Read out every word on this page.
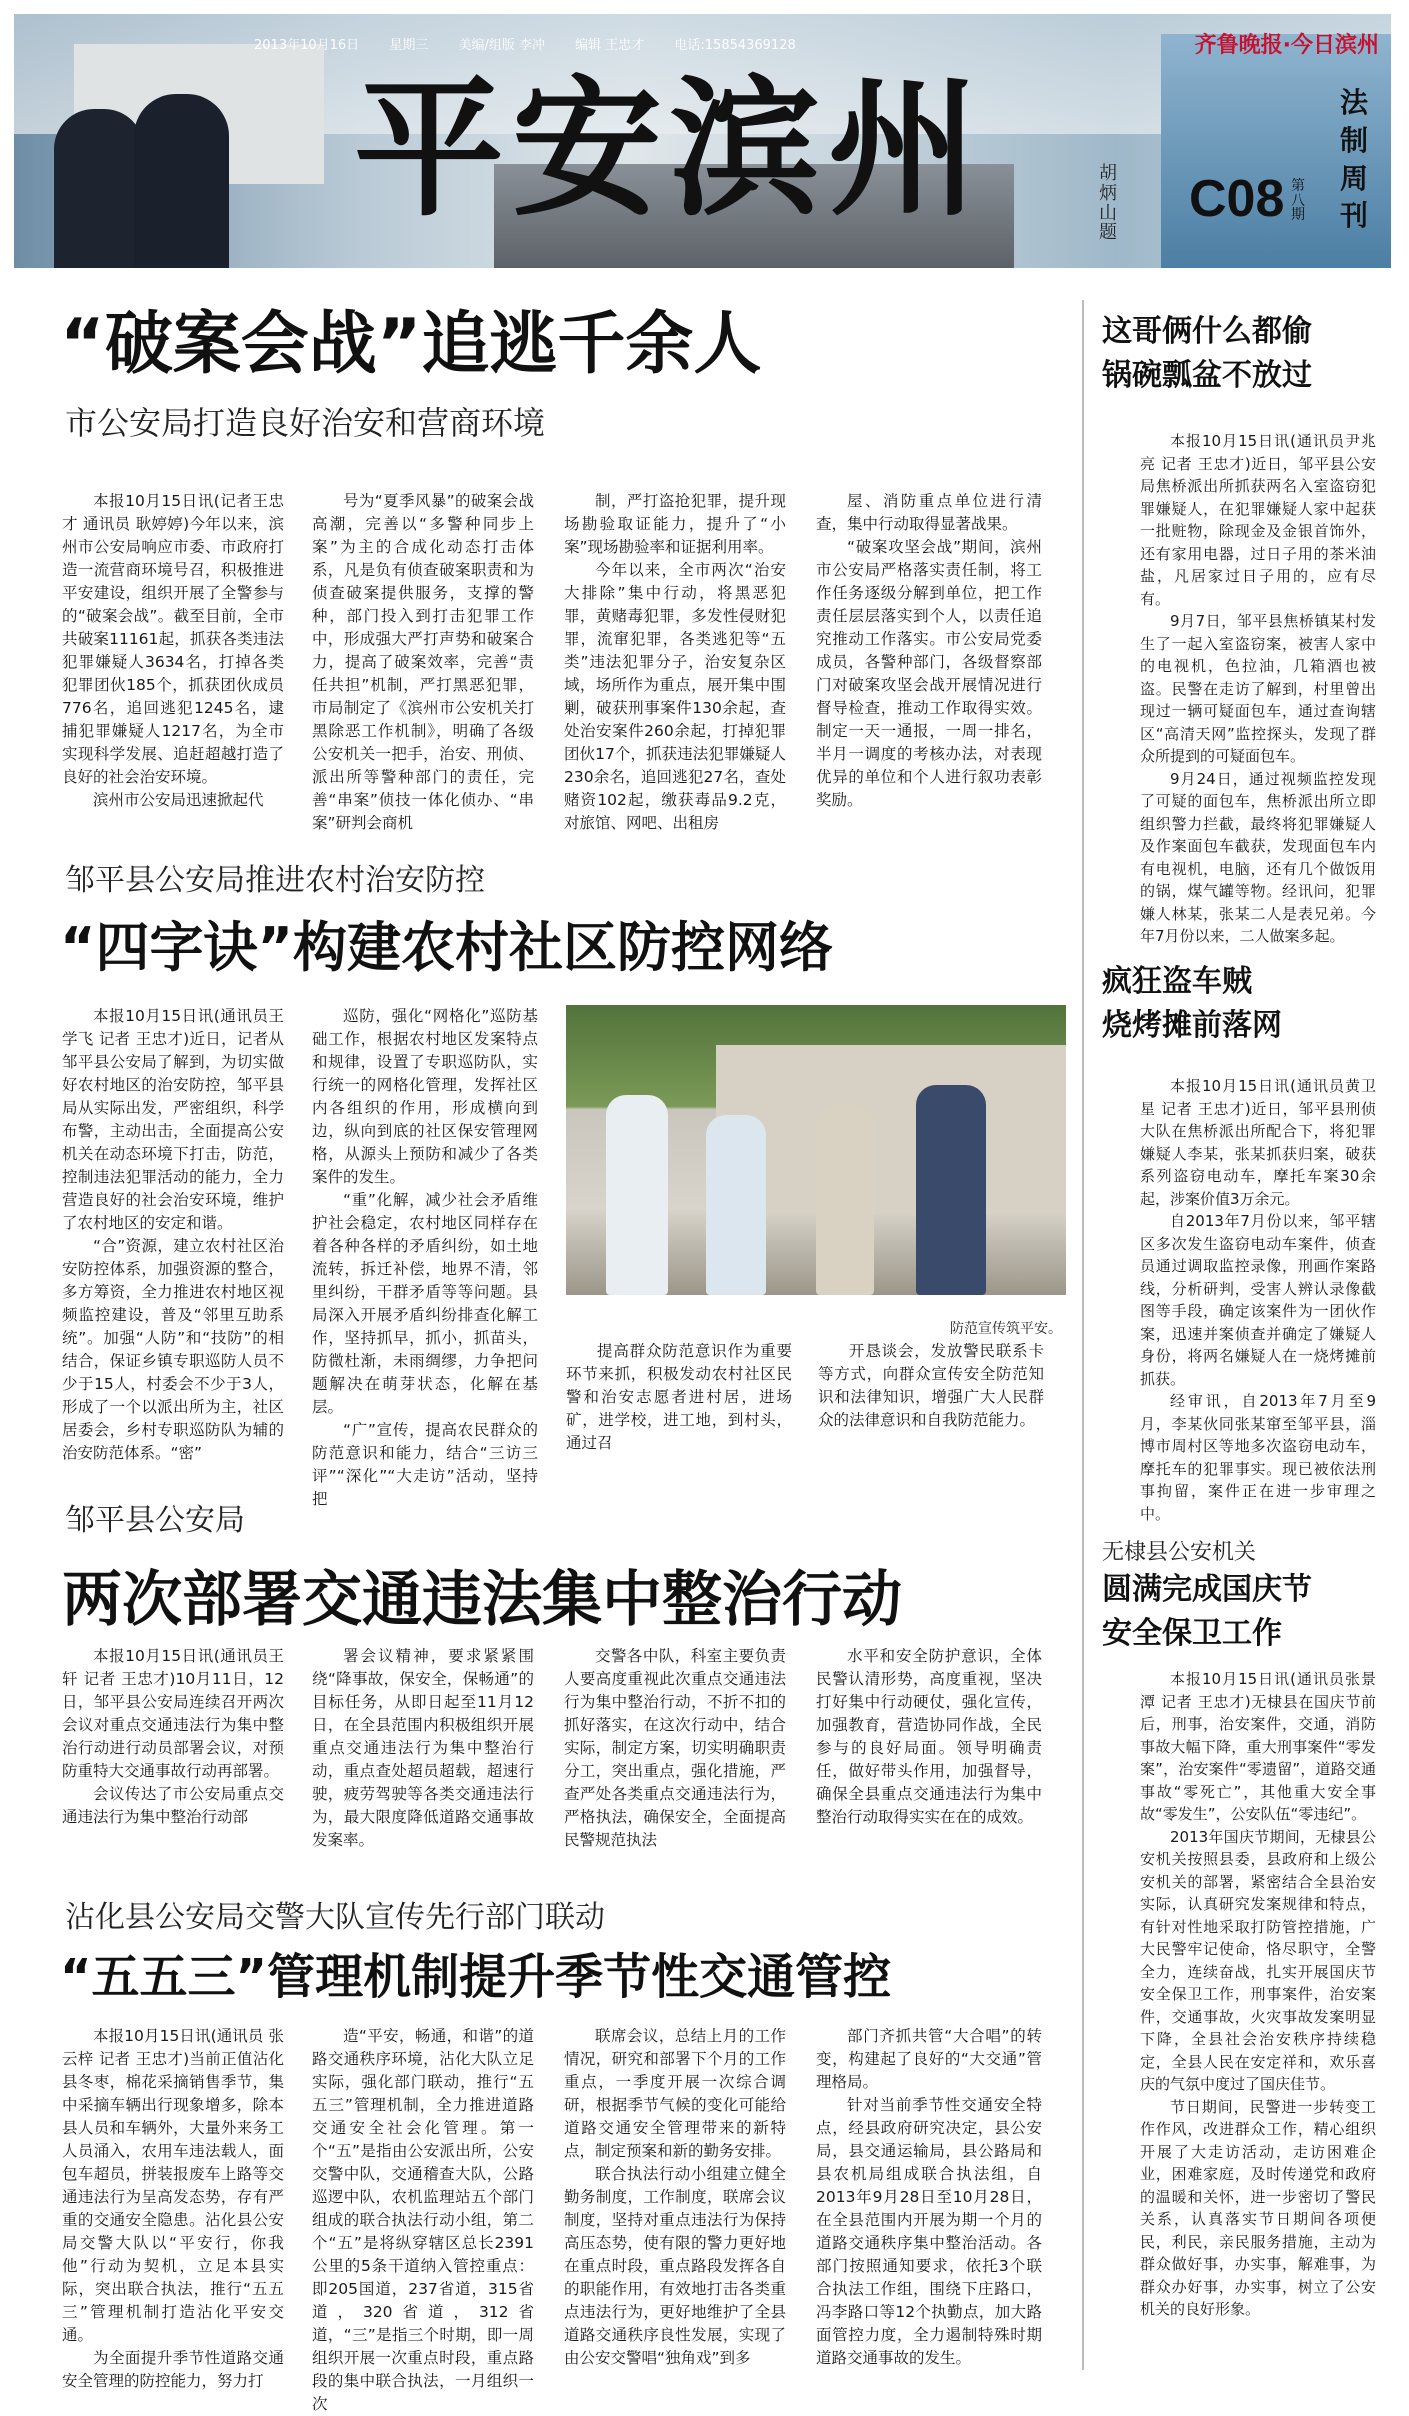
2013年10月16日 星期三 美编/组版 李冲 编辑 王忠才 电话:15854369128	齐鲁晚报·今日滨州
平安滨州	胡炳山题
C08 第八期
法制周刊
“破案会战”追逃千余人
市公安局打造良好治安和营商环境

本报10月15日讯(记者王忠才 通讯员 耿婷婷)今年以来，滨州市公安局响应市委、市政府打造一流营商环境号召，积极推进平安建设，组织开展了全警参与的“破案会战”。截至目前，全市共破案11161起，抓获各类违法犯罪嫌疑人3634名，打掉各类犯罪团伙185个，抓获团伙成员776名，追回逃犯1245名，逮捕犯罪嫌疑人1217名，为全市实现科学发展、追赶超越打造了良好的社会治安环境。

滨州市公安局迅速掀起代

号为“夏季风暴”的破案会战高潮，完善以“多警种同步上案”为主的合成化动态打击体系，凡是负有侦查破案职责和为侦查破案提供服务，支撑的警种，部门投入到打击犯罪工作中，形成强大严打声势和破案合力，提高了破案效率，完善“责任共担”机制，严打黑恶犯罪，市局制定了《滨州市公安机关打黑除恶工作机制》，明确了各级公安机关一把手，治安、刑侦、派出所等警种部门的责任，完善“串案”侦技一体化侦办、“串案”研判会商机

制，严打盗抢犯罪，提升现场勘验取证能力，提升了“小案”现场勘验率和证据利用率。

今年以来，全市两次“治安大排除”集中行动，将黑恶犯罪，黄赌毒犯罪，多发性侵财犯罪，流窜犯罪，各类逃犯等“五类”违法犯罪分子，治安复杂区域，场所作为重点，展开集中围剿，破获刑事案件130余起，查处治安案件260余起，打掉犯罪团伙17个，抓获违法犯罪嫌疑人230余名，追回逃犯27名，查处赌资102起，缴获毒品9.2克，对旅馆、网吧、出租房

屋、消防重点单位进行清查，集中行动取得显著战果。

“破案攻坚会战”期间，滨州市公安局严格落实责任制，将工作任务逐级分解到单位，把工作责任层层落实到个人，以责任追究推动工作落实。市公安局党委成员，各警种部门，各级督察部门对破案攻坚会战开展情况进行督导检查，推动工作取得实效。制定一天一通报，一周一排名，半月一调度的考核办法，对表现优异的单位和个人进行叙功表彰奖励。

邹平县公安局推进农村治安防控
“四字诀”构建农村社区防控网络

本报10月15日讯(通讯员王学飞 记者 王忠才)近日，记者从邹平县公安局了解到，为切实做好农村地区的治安防控，邹平县局从实际出发，严密组织，科学布警，主动出击，全面提高公安机关在动态环境下打击，防范，控制违法犯罪活动的能力，全力营造良好的社会治安环境，维护了农村地区的安定和谐。

“合”资源，建立农村社区治安防控体系，加强资源的整合，多方筹资，全力推进农村地区视频监控建设，普及“邻里互助系统”。加强“人防”和“技防”的相结合，保证乡镇专职巡防人员不少于15人，村委会不少于3人，形成了一个以派出所为主，社区居委会，乡村专职巡防队为辅的治安防范体系。“密”

巡防，强化“网格化”巡防基础工作，根据农村地区发案特点和规律，设置了专职巡防队，实行统一的网格化管理，发挥社区内各组织的作用，形成横向到边，纵向到底的社区保安管理网格，从源头上预防和减少了各类案件的发生。

“重”化解，减少社会矛盾维护社会稳定，农村地区同样存在着各种各样的矛盾纠纷，如土地流转，拆迁补偿，地界不清，邻里纠纷，干群矛盾等等问题。县局深入开展矛盾纠纷排查化解工作，坚持抓早，抓小，抓苗头，防微杜渐，未雨绸缪，力争把问题解决在萌芽状态，化解在基层。

“广”宣传，提高农民群众的防范意识和能力，结合“三访三评”“深化”“大走访”活动，坚持把

防范宣传筑平安。

提高群众防范意识作为重要环节来抓，积极发动农村社区民警和治安志愿者进村居，进场矿，进学校，进工地，到村头，通过召

开恳谈会，发放警民联系卡等方式，向群众宣传安全防范知识和法律知识，增强广大人民群众的法律意识和自我防范能力。

邹平县公安局
两次部署交通违法集中整治行动

本报10月15日讯(通讯员王轩 记者 王忠才)10月11日，12日，邹平县公安局连续召开两次会议对重点交通违法行为集中整治行动进行动员部署会议，对预防重特大交通事故行动再部署。

会议传达了市公安局重点交通违法行为集中整治行动部

署会议精神，要求紧紧围绕“降事故，保安全，保畅通”的目标任务，从即日起至11月12日，在全县范围内积极组织开展重点交通违法行为集中整治行动，重点查处超员超载，超速行驶，疲劳驾驶等各类交通违法行为，最大限度降低道路交通事故发案率。

交警各中队，科室主要负责人要高度重视此次重点交通违法行为集中整治行动，不折不扣的抓好落实，在这次行动中，结合实际，制定方案，切实明确职责分工，突出重点，强化措施，严查严处各类重点交通违法行为，严格执法，确保安全，全面提高民警规范执法

水平和安全防护意识，全体民警认清形势，高度重视，坚决打好集中行动硬仗，强化宣传，加强教育，营造协同作战，全民参与的良好局面。领导明确责任，做好带头作用，加强督导，确保全县重点交通违法行为集中整治行动取得实实在在的成效。

沾化县公安局交警大队宣传先行部门联动
“五五三”管理机制提升季节性交通管控

本报10月15日讯(通讯员 张云梓 记者 王忠才)当前正值沾化县冬枣，棉花采摘销售季节，集中采摘车辆出行现象增多，除本县人员和车辆外，大量外来务工人员涌入，农用车违法载人，面包车超员，拼装报废车上路等交通违法行为呈高发态势，存有严重的交通安全隐患。沾化县公安局交警大队以“平安行，你我他”行动为契机，立足本县实际，突出联合执法，推行“五五三”管理机制打造沾化平安交通。

为全面提升季节性道路交通安全管理的防控能力，努力打

造“平安，畅通，和谐”的道路交通秩序环境，沾化大队立足实际，强化部门联动，推行“五五三”管理机制，全力推进道路交通安全社会化管理。第一个“五”是指由公安派出所，公安交警中队，交通稽查大队，公路巡逻中队，农机监理站五个部门组成的联合执法行动小组，第二个“五”是将纵穿辖区总长2391公里的5条干道纳入管控重点：即205国道，237省道，315省道，320省道，312省道，“三”是指三个时期，即一周组织开展一次重点时段，重点路段的集中联合执法，一月组织一次

联席会议，总结上月的工作情况，研究和部署下个月的工作重点，一季度开展一次综合调研，根据季节气候的变化可能给道路交通安全管理带来的新特点，制定预案和新的勤务安排。

联合执法行动小组建立健全勤务制度，工作制度，联席会议制度，坚持对重点违法行为保持高压态势，使有限的警力更好地在重点时段，重点路段发挥各自的职能作用，有效地打击各类重点违法行为，更好地维护了全县道路交通秩序良性发展，实现了由公安交警唱“独角戏”到多

部门齐抓共管“大合唱”的转变，构建起了良好的“大交通”管理格局。

针对当前季节性交通安全特点，经县政府研究决定，县公安局，县交通运输局，县公路局和县农机局组成联合执法组，自2013年9月28日至10月28日，在全县范围内开展为期一个月的道路交通秩序集中整治活动。各部门按照通知要求，依托3个联合执法工作组，围绕下庄路口，冯李路口等12个执勤点，加大路面管控力度，全力遏制特殊时期道路交通事故的发生。

这哥俩什么都偷
锅碗瓢盆不放过

本报10月15日讯(通讯员尹兆亮 记者 王忠才)近日，邹平县公安局焦桥派出所抓获两名入室盗窃犯罪嫌疑人，在犯罪嫌疑人家中起获一批赃物，除现金及金银首饰外，还有家用电器，过日子用的茶米油盐，凡居家过日子用的，应有尽有。

9月7日，邹平县焦桥镇某村发生了一起入室盗窃案，被害人家中的电视机，色拉油，几箱酒也被盗。民警在走访了解到，村里曾出现过一辆可疑面包车，通过查询辖区“高清天网”监控探头，发现了群众所提到的可疑面包车。

9月24日，通过视频监控发现了可疑的面包车，焦桥派出所立即组织警力拦截，最终将犯罪嫌疑人及作案面包车截获，发现面包车内有电视机，电脑，还有几个做饭用的锅，煤气罐等物。经讯问，犯罪嫌人林某，张某二人是表兄弟。今年7月份以来，二人做案多起。

疯狂盗车贼
烧烤摊前落网

本报10月15日讯(通讯员黄卫星 记者 王忠才)近日，邹平县刑侦大队在焦桥派出所配合下，将犯罪嫌疑人李某，张某抓获归案，破获系列盗窃电动车，摩托车案30余起，涉案价值3万余元。

自2013年7月份以来，邹平辖区多次发生盗窃电动车案件，侦查员通过调取监控录像，刑画作案路线，分析研判，受害人辨认录像截图等手段，确定该案件为一团伙作案，迅速并案侦查并确定了嫌疑人身份，将两名嫌疑人在一烧烤摊前抓获。

经审讯，自2013年7月至9月，李某伙同张某窜至邹平县，淄博市周村区等地多次盗窃电动车，摩托车的犯罪事实。现已被依法刑事拘留，案件正在进一步审理之中。

无棣县公安机关
圆满完成国庆节
安全保卫工作

本报10月15日讯(通讯员张景潭 记者 王忠才)无棣县在国庆节前后，刑事，治安案件，交通，消防事故大幅下降，重大刑事案件“零发案”，治安案件“零遗留”，道路交通事故“零死亡”，其他重大安全事故“零发生”，公安队伍“零违纪”。

2013年国庆节期间，无棣县公安机关按照县委，县政府和上级公安机关的部署，紧密结合全县治安实际，认真研究发案规律和特点，有针对性地采取打防管控措施，广大民警牢记使命，恪尽职守，全警全力，连续奋战，扎实开展国庆节安全保卫工作，刑事案件，治安案件，交通事故，火灾事故发案明显下降，全县社会治安秩序持续稳定，全县人民在安定祥和，欢乐喜庆的气氛中度过了国庆佳节。

节日期间，民警进一步转变工作作风，改进群众工作，精心组织开展了大走访活动，走访困难企业，困难家庭，及时传递党和政府的温暖和关怀，进一步密切了警民关系，认真落实节日期间各项便民，利民，亲民服务措施，主动为群众做好事，办实事，解难事，为群众办好事，办实事，树立了公安机关的良好形象。
